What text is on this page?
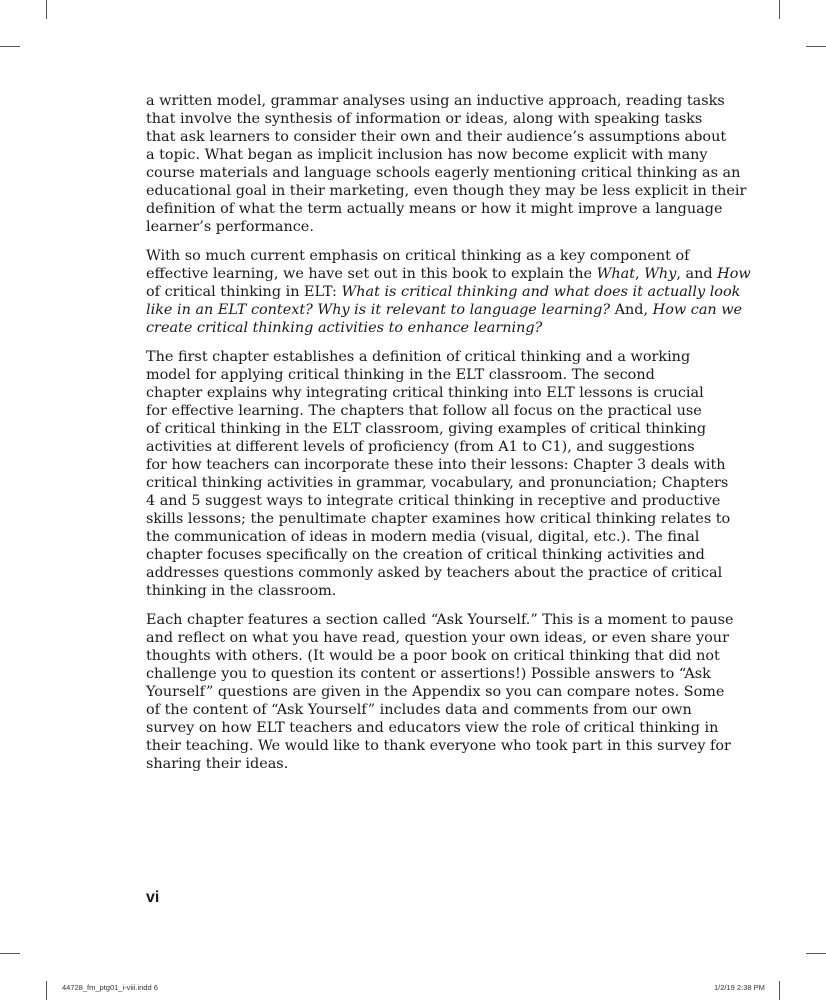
a written model, grammar analyses using an inductive approach, reading tasks
that involve the synthesis of information or ideas, along with speaking tasks
that ask learners to consider their own and their audience’s assumptions about
a topic. What began as implicit inclusion has now become explicit with many
course materials and language schools eagerly mentioning critical thinking as an
educational goal in their marketing, even though they may be less explicit in their
definition of what the term actually means or how it might improve a language
learner’s performance.
With so much current emphasis on critical thinking as a key component of
effective learning, we have set out in this book to explain the What, Why, and How
of critical thinking in ELT: What is critical thinking and what does it actually look
like in an ELT context? Why is it relevant to language learning? And, How can we
create critical thinking activities to enhance learning?
The first chapter establishes a definition of critical thinking and a working
model for applying critical thinking in the ELT classroom. The second
chapter explains why integrating critical thinking into ELT lessons is crucial
for effective learning. The chapters that follow all focus on the practical use
of critical thinking in the ELT classroom, giving examples of critical thinking
activities at different levels of proficiency (from A1 to C1), and suggestions
for how teachers can incorporate these into their lessons: Chapter 3 deals with
critical thinking activities in grammar, vocabulary, and pronunciation; Chapters
4 and 5 suggest ways to integrate critical thinking in receptive and productive
skills lessons; the penultimate chapter examines how critical thinking relates to
the communication of ideas in modern media (visual, digital, etc.). The final
chapter focuses specifically on the creation of critical thinking activities and
addresses questions commonly asked by teachers about the practice of critical
thinking in the classroom.
Each chapter features a section called “Ask Yourself.” This is a moment to pause
and reflect on what you have read, question your own ideas, or even share your
thoughts with others. (It would be a poor book on critical thinking that did not
challenge you to question its content or assertions!) Possible answers to “Ask
Yourself” questions are given in the Appendix so you can compare notes. Some
of the content of “Ask Yourself” includes data and comments from our own
survey on how ELT teachers and educators view the role of critical thinking in
their teaching. We would like to thank everyone who took part in this survey for
sharing their ideas.
vi
44728_fm_ptg01_i-viii.indd 6	1/2/19 2:38 PM
